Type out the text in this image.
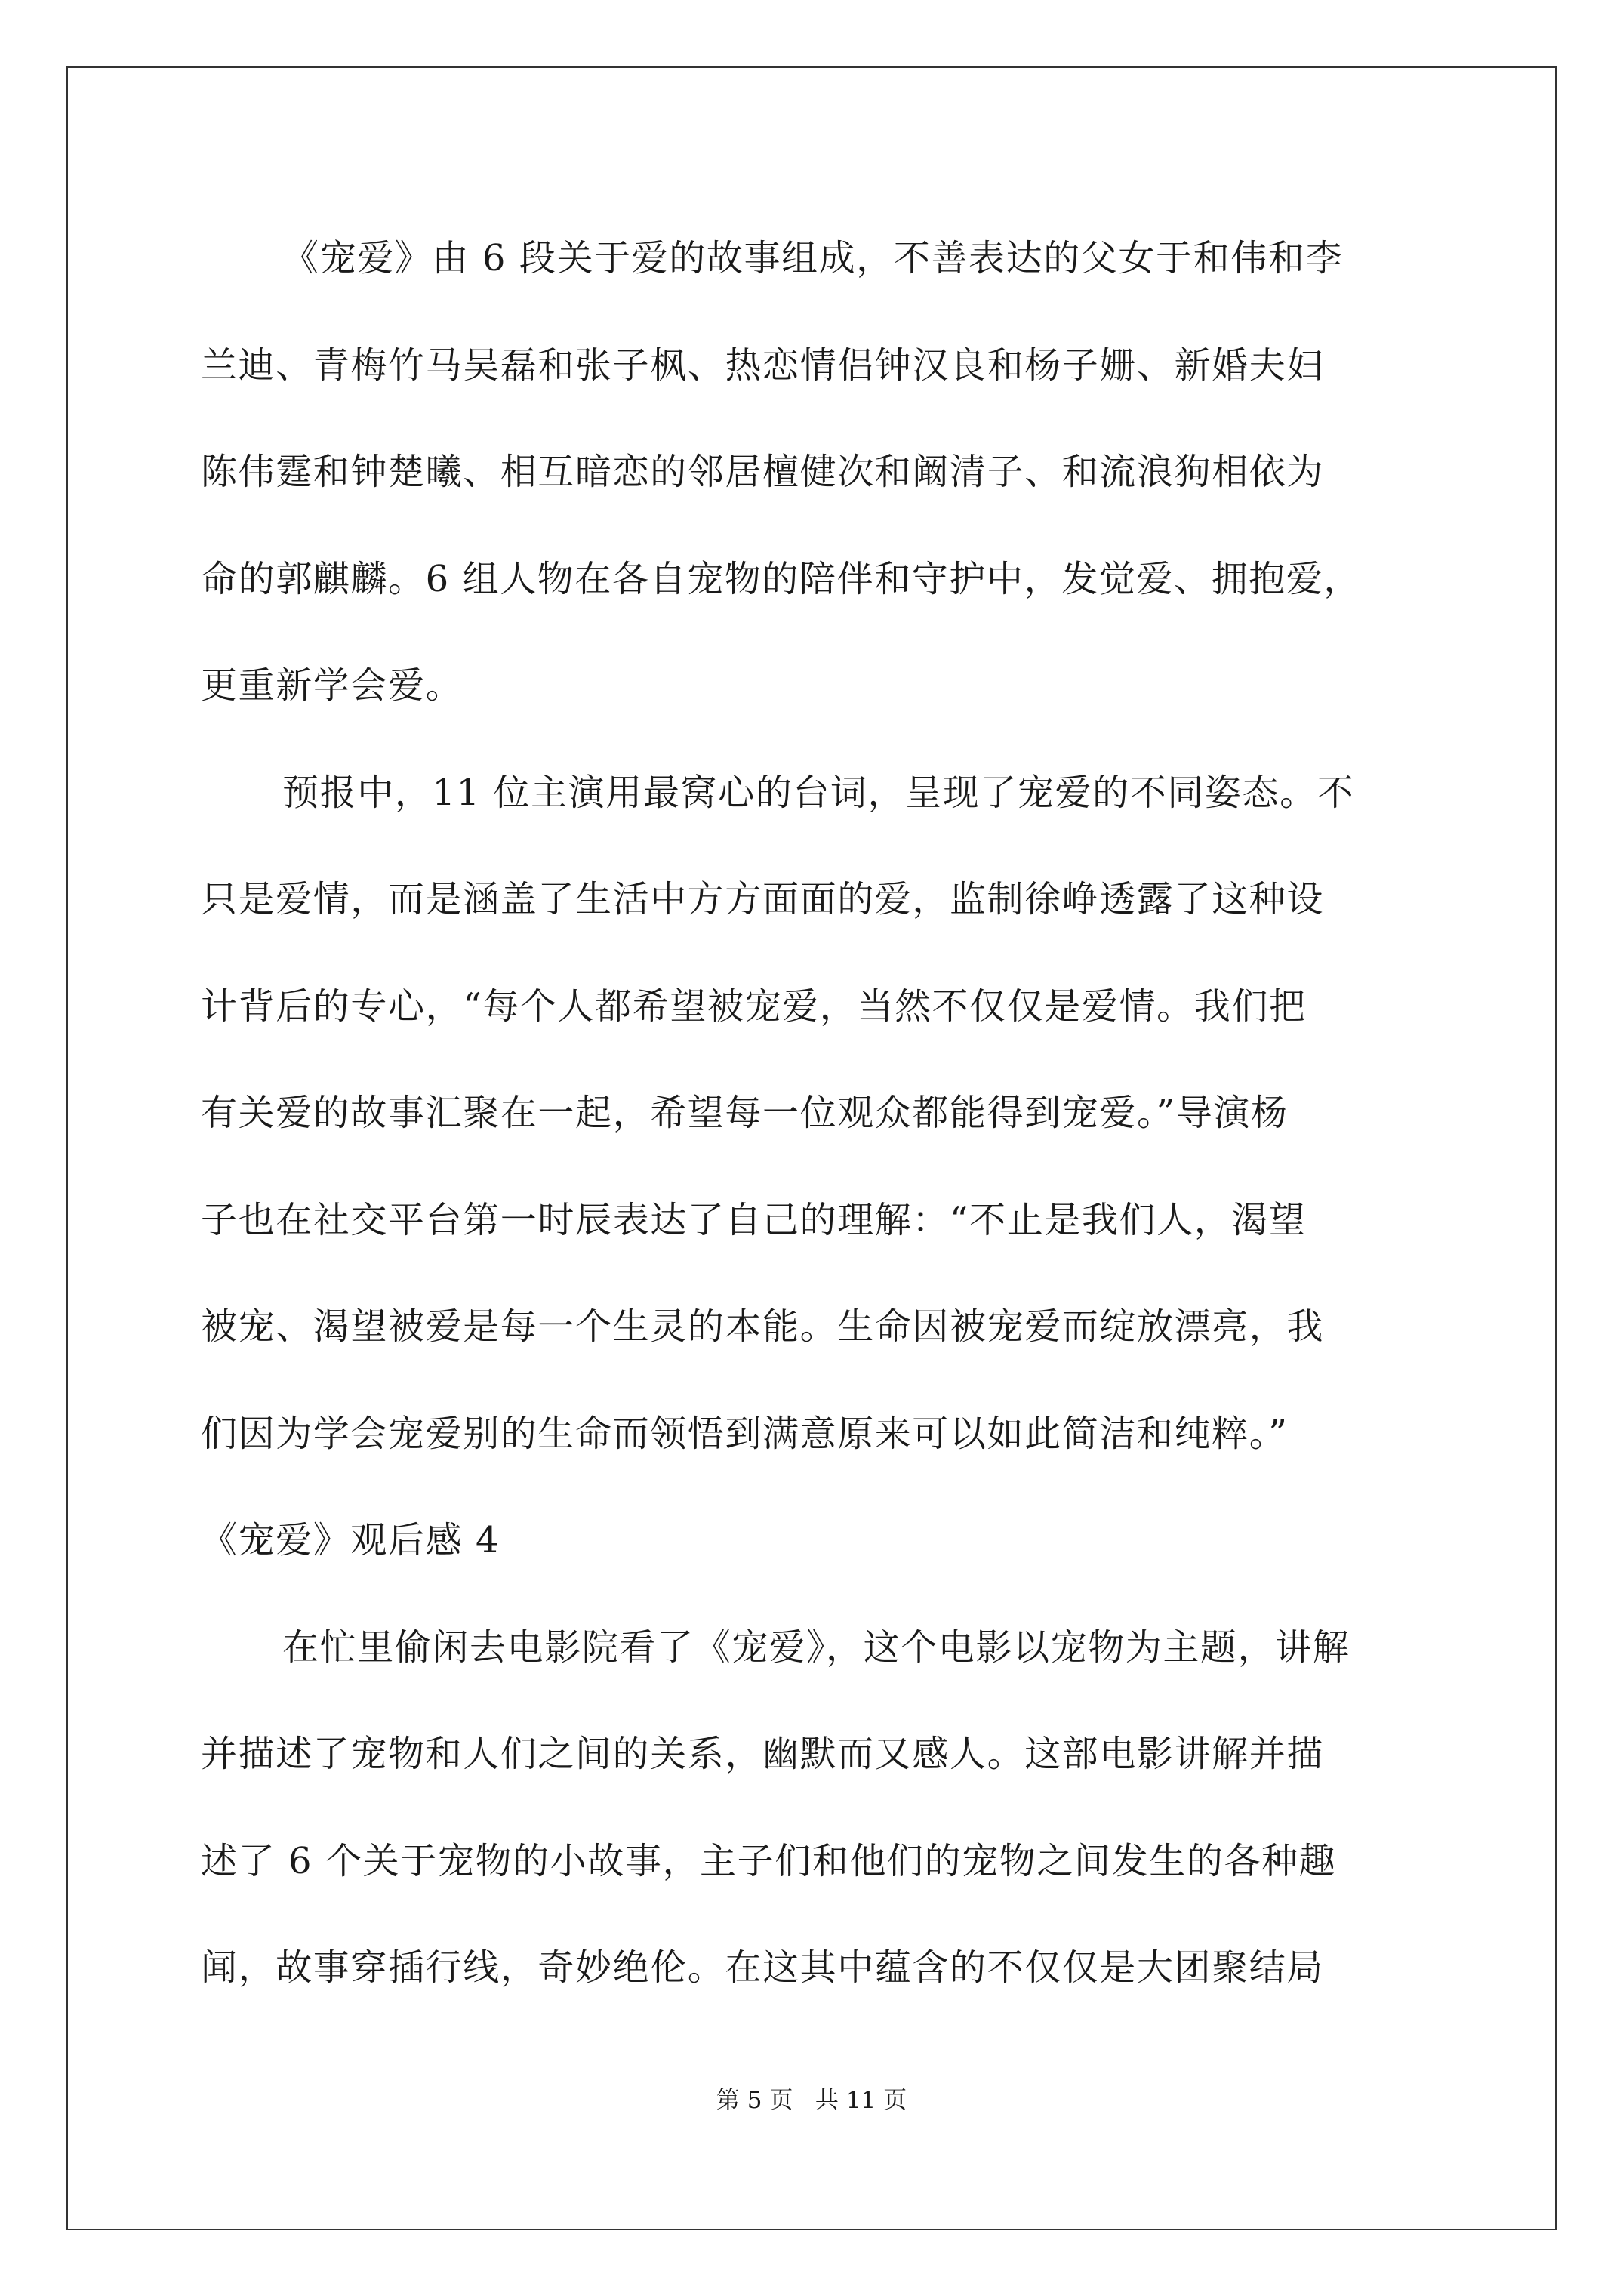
《宠爱》由 6 段关于爱的故事组成，不善表达的父女于和伟和李
兰迪、青梅竹马吴磊和张子枫、热恋情侣钟汉良和杨子姗、新婚夫妇
陈伟霆和钟楚曦、相互暗恋的邻居檀健次和阚清子、和流浪狗相依为
命的郭麒麟。6 组人物在各自宠物的陪伴和守护中，发觉爱、拥抱爱，
更重新学会爱。
预报中，11 位主演用最窝心的台词，呈现了宠爱的不同姿态。不
只是爱情，而是涵盖了生活中方方面面的爱，监制徐峥透露了这种设
计背后的专心，“每个人都希望被宠爱，当然不仅仅是爱情。我们把
有关爱的故事汇聚在一起，希望每一位观众都能得到宠爱。”导演杨
子也在社交平台第一时辰表达了自己的理解：“不止是我们人，渴望
被宠、渴望被爱是每一个生灵的本能。生命因被宠爱而绽放漂亮，我
们因为学会宠爱别的生命而领悟到满意原来可以如此简洁和纯粹。”
《宠爱》观后感 4
在忙里偷闲去电影院看了《宠爱》，这个电影以宠物为主题，讲解
并描述了宠物和人们之间的关系，幽默而又感人。这部电影讲解并描
述了 6 个关于宠物的小故事，主子们和他们的宠物之间发生的各种趣
闻，故事穿插行线，奇妙绝伦。在这其中蕴含的不仅仅是大团聚结局
第 5 页   共 11 页
